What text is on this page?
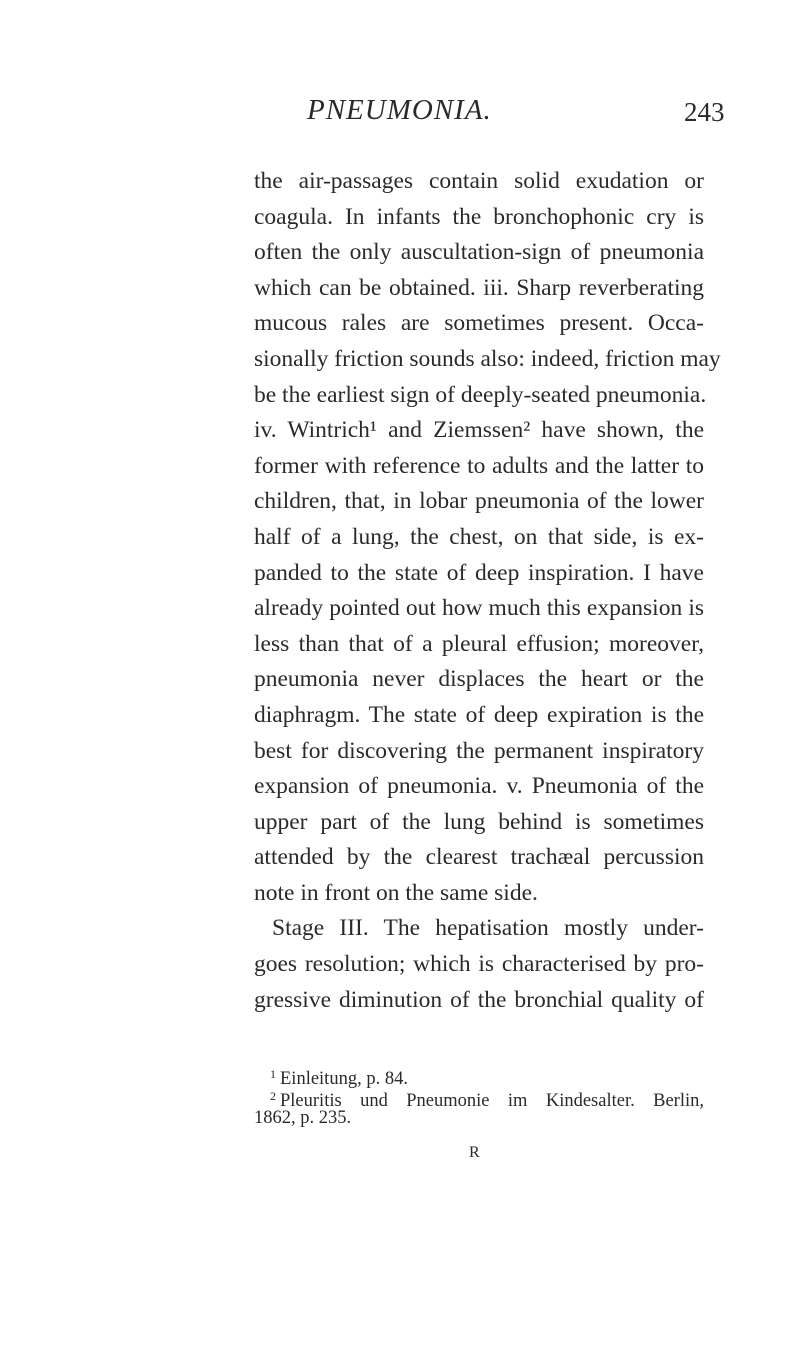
PNEUMONIA.	243
the air-passages contain solid exudation or
coagula. In infants the bronchophonic cry is
often the only auscultation-sign of pneumonia
which can be obtained. iii. Sharp reverberating
mucous rales are sometimes present. Occa-
sionally friction sounds also: indeed, friction may
be the earliest sign of deeply-seated pneumonia.
iv. Wintrich¹ and Ziemssen² have shown, the
former with reference to adults and the latter to
children, that, in lobar pneumonia of the lower
half of a lung, the chest, on that side, is ex-
panded to the state of deep inspiration. I have
already pointed out how much this expansion is
less than that of a pleural effusion; moreover,
pneumonia never displaces the heart or the
diaphragm. The state of deep expiration is the
best for discovering the permanent inspiratory
expansion of pneumonia. v. Pneumonia of the
upper part of the lung behind is sometimes
attended by the clearest trachæal percussion
note in front on the same side.
Stage III. The hepatisation mostly under-
goes resolution; which is characterised by pro-
gressive diminution of the bronchial quality of
$^1$ Einleitung, p. 84.
$^2$ Pleuritis und Pneumonie im Kindesalter. Berlin,
1862, p. 235.
R
